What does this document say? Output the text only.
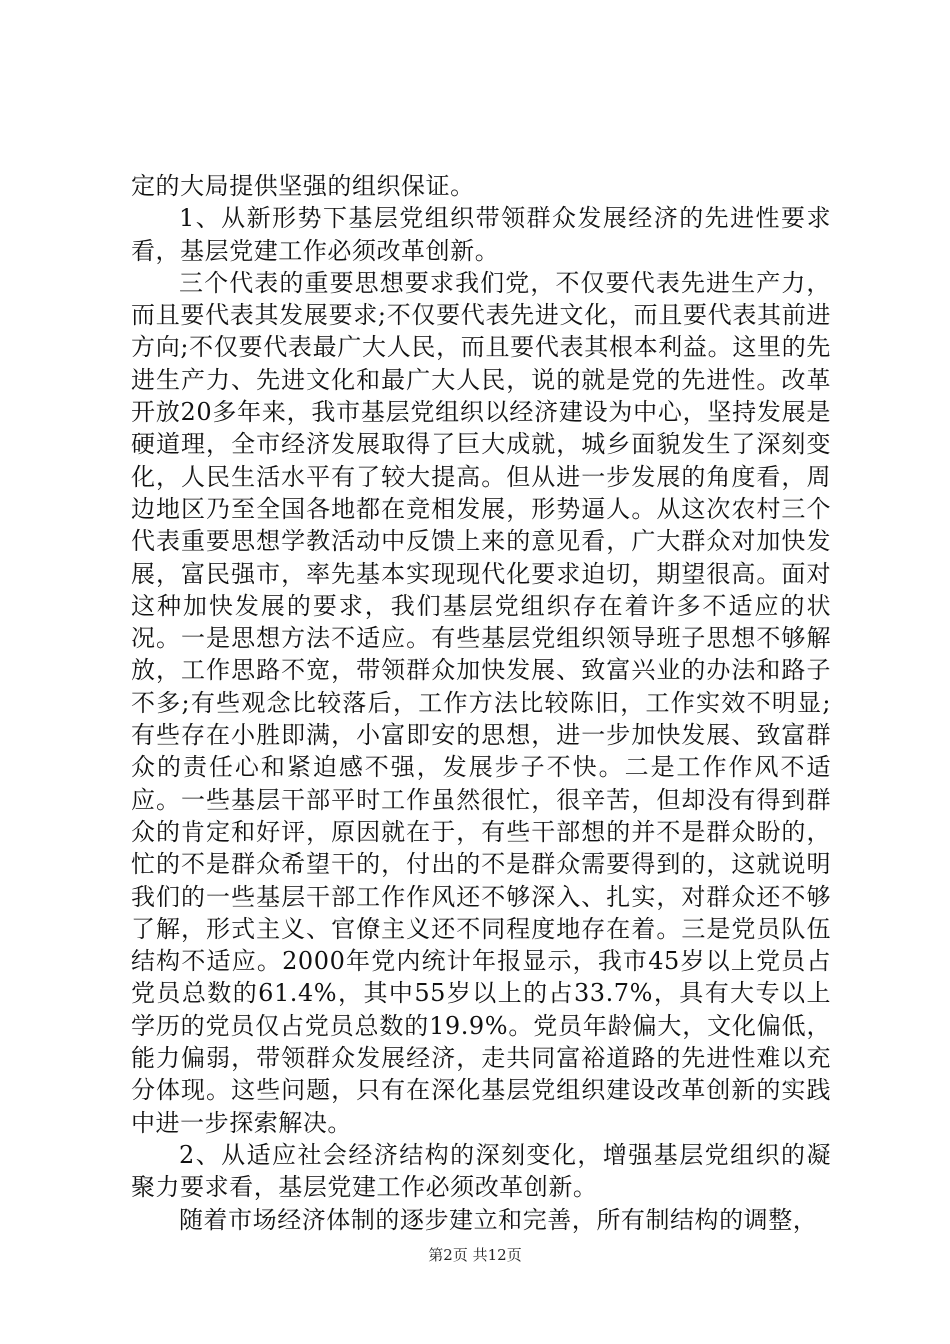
定的大局提供坚强的组织保证。

1、从新形势下基层党组织带领群众发展经济的先进性要求看，基层党建工作必须改革创新。

三个代表的重要思想要求我们党，不仅要代表先进生产力，而且要代表其发展要求;不仅要代表先进文化，而且要代表其前进方向;不仅要代表最广大人民，而且要代表其根本利益。这里的先进生产力、先进文化和最广大人民，说的就是党的先进性。改革开放20多年来，我市基层党组织以经济建设为中心，坚持发展是硬道理，全市经济发展取得了巨大成就，城乡面貌发生了深刻变化，人民生活水平有了较大提高。但从进一步发展的角度看，周边地区乃至全国各地都在竞相发展，形势逼人。从这次农村三个代表重要思想学教活动中反馈上来的意见看，广大群众对加快发展，富民强市，率先基本实现现代化要求迫切，期望很高。面对这种加快发展的要求，我们基层党组织存在着许多不适应的状况。一是思想方法不适应。有些基层党组织领导班子思想不够解放，工作思路不宽，带领群众加快发展、致富兴业的办法和路子不多;有些观念比较落后，工作方法比较陈旧，工作实效不明显;有些存在小胜即满，小富即安的思想，进一步加快发展、致富群众的责任心和紧迫感不强，发展步子不快。二是工作作风不适应。一些基层干部平时工作虽然很忙，很辛苦，但却没有得到群众的肯定和好评，原因就在于，有些干部想的并不是群众盼的，忙的不是群众希望干的，付出的不是群众需要得到的，这就说明我们的一些基层干部工作作风还不够深入、扎实，对群众还不够了解，形式主义、官僚主义还不同程度地存在着。三是党员队伍结构不适应。2000年党内统计年报显示，我市45岁以上党员占党员总数的61.4%，其中55岁以上的占33.7%，具有大专以上学历的党员仅占党员总数的19.9%。党员年龄偏大，文化偏低，能力偏弱，带领群众发展经济，走共同富裕道路的先进性难以充分体现。这些问题，只有在深化基层党组织建设改革创新的实践中进一步探索解决。

2、从适应社会经济结构的深刻变化，增强基层党组织的凝聚力要求看，基层党建工作必须改革创新。

随着市场经济体制的逐步建立和完善，所有制结构的调整，

第2页 共12页
